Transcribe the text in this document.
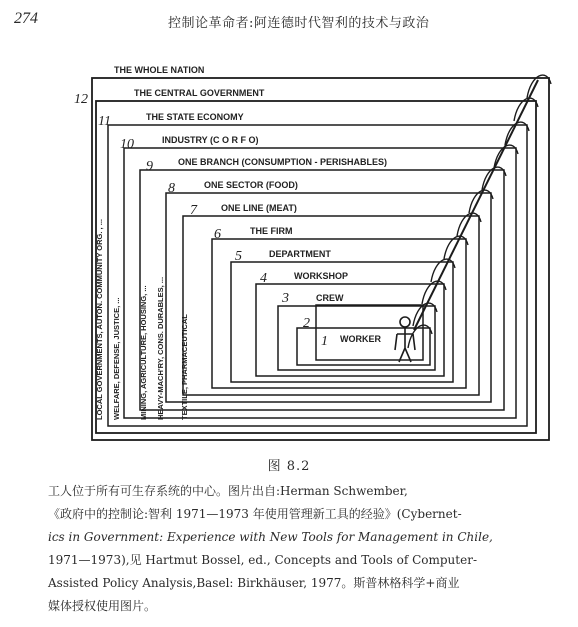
274	控制论革命者:阿连德时代智利的技术与政治
THE WHOLE NATION
THE CENTRAL GOVERNMENT
12
LOCAL GOVERNMENTS, AUTON. COMMUNITY ORG. , ...
THE STATE ECONOMY
11
WELFARE, DEFENSE, JUSTICE, ...
INDUSTRY (C O R F O)
10
MINING, AGRICULTURE, HOUSING, ...
ONE BRANCH (CONSUMPTION - PERISHABLES)
9
HEAVY-MACH'RY, CONS. DURABLES, ...
ONE SECTOR (FOOD)
8
TEXTILE, PHARMACEUTICAL
ONE LINE (MEAT)
7
THE FIRM
6
DEPARTMENT
5
WORKSHOP
4
CREW
3
2
WORKER
1
图 8.2
工人位于所有可生存系统的中心。图片出自:Herman Schwember,
《政府中的控制论:智利 1971—1973 年使用管理新工具的经验》(Cybernet-
ics in Government: Experience with New Tools for Management in Chile,
1971—1973),见 Hartmut Bossel, ed., Concepts and Tools of Computer-
Assisted Policy Analysis,Basel: Birkhäuser, 1977。斯普林格科学+商业
媒体授权使用图片。
